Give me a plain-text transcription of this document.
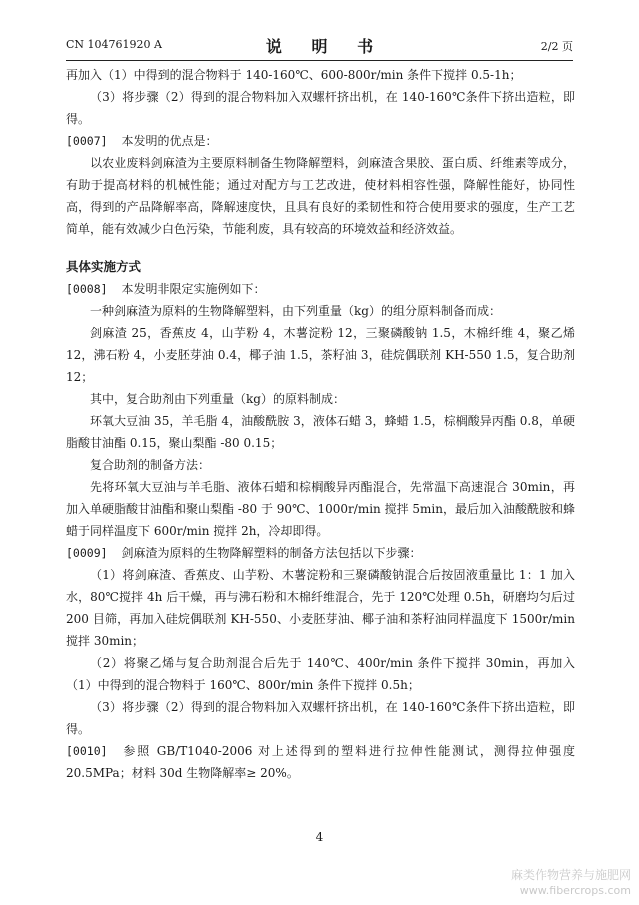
CN 104761920 A	说 明 书	2/2 页

再加入（1）中得到的混合物料于 140-160℃、600-800r/min 条件下搅拌 0.5-1h；

（3）将步骤（2）得到的混合物料加入双螺杆挤出机，在 140-160℃条件下挤出造粒，即得。

[0007] 本发明的优点是：

以农业废料剑麻渣为主要原料制备生物降解塑料，剑麻渣含果胶、蛋白质、纤维素等成分，有助于提高材料的机械性能；通过对配方与工艺改进，使材料相容性强，降解性能好，协同性高，得到的产品降解率高，降解速度快，且具有良好的柔韧性和符合使用要求的强度，生产工艺简单，能有效减少白色污染，节能利废，具有较高的环境效益和经济效益。

具体实施方式

[0008] 本发明非限定实施例如下：

一种剑麻渣为原料的生物降解塑料，由下列重量（kg）的组分原料制备而成：

剑麻渣 25，香蕉皮 4，山芋粉 4，木薯淀粉 12，三聚磷酸钠 1.5，木棉纤维 4，聚乙烯 12，沸石粉 4，小麦胚芽油 0.4，椰子油 1.5，茶籽油 3，硅烷偶联剂 KH-550 1.5，复合助剂 12；

其中，复合助剂由下列重量（kg）的原料制成：

环氧大豆油 35，羊毛脂 4，油酸酰胺 3，液体石蜡 3，蜂蜡 1.5，棕榈酸异丙酯 0.8，单硬脂酸甘油酯 0.15，聚山梨酯 -80 0.15；

复合助剂的制备方法：

先将环氧大豆油与羊毛脂、液体石蜡和棕榈酸异丙酯混合，先常温下高速混合 30min，再加入单硬脂酸甘油酯和聚山梨酯 -80 于 90℃、1000r/min 搅拌 5min，最后加入油酸酰胺和蜂蜡于同样温度下 600r/min 搅拌 2h，冷却即得。

[0009] 剑麻渣为原料的生物降解塑料的制备方法包括以下步骤：

（1）将剑麻渣、香蕉皮、山芋粉、木薯淀粉和三聚磷酸钠混合后按固液重量比 1：1 加入水，80℃搅拌 4h 后干燥，再与沸石粉和木棉纤维混合，先于 120℃处理 0.5h，研磨均匀后过 200 目筛，再加入硅烷偶联剂 KH-550、小麦胚芽油、椰子油和茶籽油同样温度下 1500r/min 搅拌 30min；

（2）将聚乙烯与复合助剂混合后先于 140℃、400r/min 条件下搅拌 30min，再加入（1）中得到的混合物料于 160℃、800r/min 条件下搅拌 0.5h；

（3）将步骤（2）得到的混合物料加入双螺杆挤出机，在 140-160℃条件下挤出造粒，即得。

[0010] 参照 GB/T1040-2006 对上述得到的塑料进行拉伸性能测试，测得拉伸强度 20.5MPa；材料 30d 生物降解率≥ 20%。

4
麻类作物营养与施肥网
www.fibercrops.com
